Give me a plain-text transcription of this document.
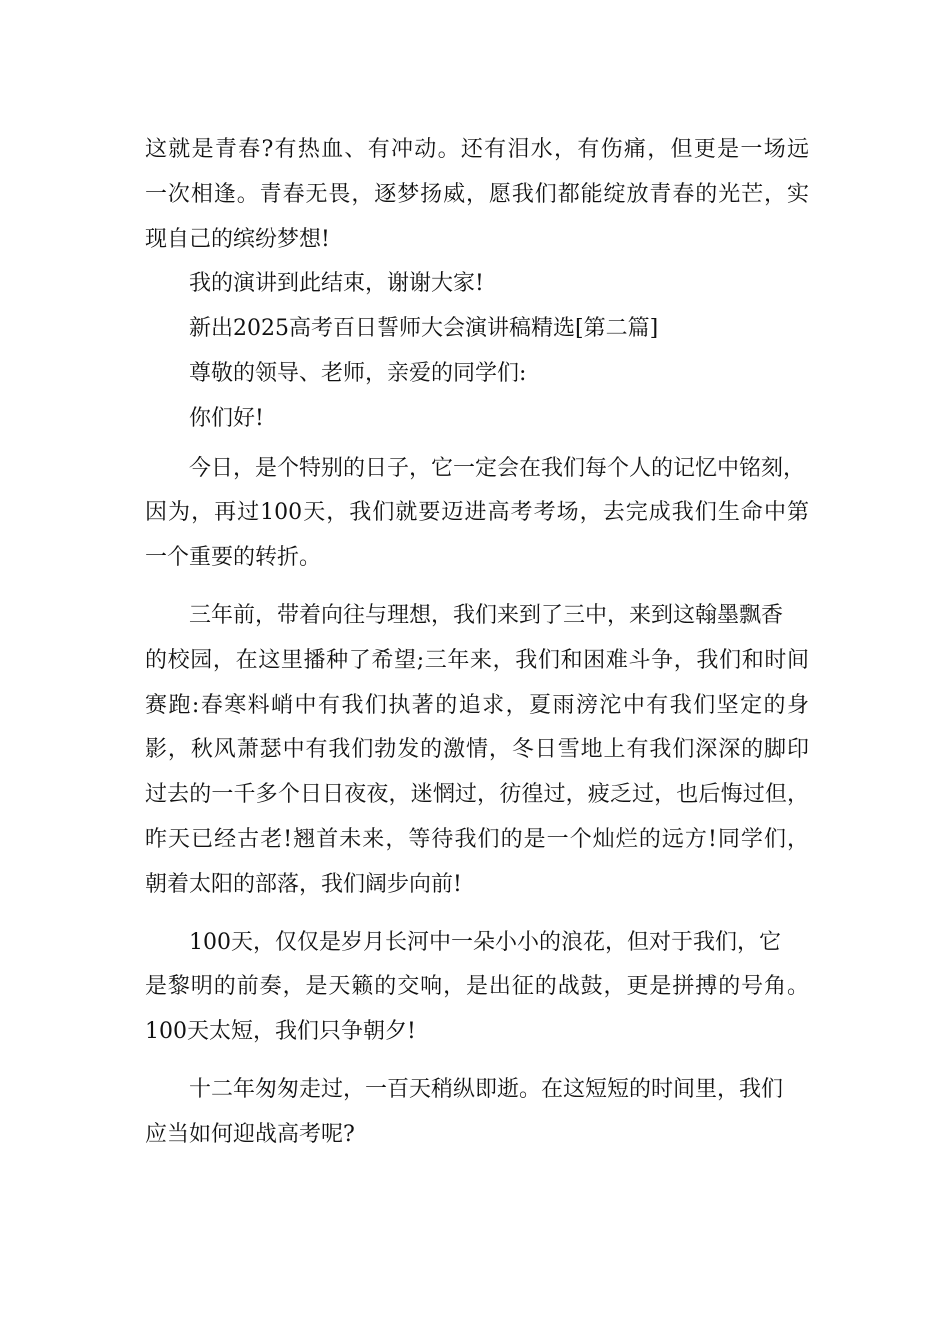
这就是青春?有热血、有冲动。还有泪水，有伤痛，但更是一场远
一次相逢。青春无畏，逐梦扬威，愿我们都能绽放青春的光芒，实
现自己的缤纷梦想!
我的演讲到此结束，谢谢大家!
新出2025高考百日誓师大会演讲稿精选[第二篇]
尊敬的领导、老师，亲爱的同学们:
你们好!
今日，是个特别的日子，它一定会在我们每个人的记忆中铭刻，
因为，再过100天，我们就要迈进高考考场，去完成我们生命中第
一个重要的转折。
三年前，带着向往与理想，我们来到了三中，来到这翰墨飘香
的校园，在这里播种了希望;三年来，我们和困难斗争，我们和时间
赛跑:春寒料峭中有我们执著的追求，夏雨滂沱中有我们坚定的身
影，秋风萧瑟中有我们勃发的激情，冬日雪地上有我们深深的脚印
过去的一千多个日日夜夜，迷惘过，彷徨过，疲乏过，也后悔过但，
昨天已经古老!翘首未来，等待我们的是一个灿烂的远方!同学们，
朝着太阳的部落，我们阔步向前!
100天，仅仅是岁月长河中一朵小小的浪花，但对于我们，它
是黎明的前奏，是天籁的交响，是出征的战鼓，更是拼搏的号角。
100天太短，我们只争朝夕!
十二年匆匆走过，一百天稍纵即逝。在这短短的时间里，我们
应当如何迎战高考呢?
